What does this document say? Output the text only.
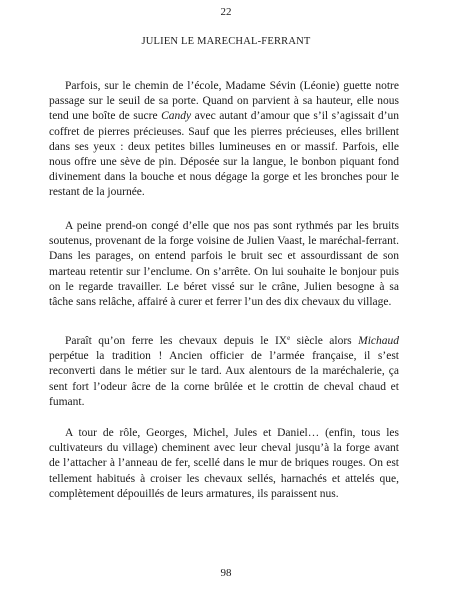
22
JULIEN LE MARECHAL-FERRANT

Parfois, sur le chemin de l’école, Madame Sévin (Léonie) guette notre passage sur le seuil de sa porte. Quand on parvient à sa hauteur, elle nous tend une boîte de sucre Candy avec autant d’amour que s’il s’agissait d’un coffret de pierres précieuses. Sauf que les pierres précieuses, elles brillent dans ses yeux : deux petites billes lumineuses en or massif. Parfois, elle nous offre une sève de pin. Déposée sur la langue, le bonbon piquant fond divinement dans la bouche et nous dégage la gorge et les bronches pour le restant de la journée.

A peine prend-on congé d’elle que nos pas sont rythmés par les bruits soutenus, provenant de la forge voisine de Julien Vaast, le maréchal-ferrant. Dans les parages, on entend parfois le bruit sec et assourdissant de son marteau retentir sur l’enclume. On s’arrête. On lui souhaite le bonjour puis on le regarde travailler. Le béret vissé sur le crâne, Julien besogne à sa tâche sans relâche, affairé à curer et ferrer l’un des dix chevaux du village.

Paraît qu’on ferre les chevaux depuis le IXe siècle alors Michaud perpétue la tradition ! Ancien officier de l’armée française, il s’est reconverti dans le métier sur le tard. Aux alentours de la maréchalerie, ça sent fort l’odeur âcre de la corne brûlée et le crottin de cheval chaud et fumant.

A tour de rôle, Georges, Michel, Jules et Daniel… (enfin, tous les cultivateurs du village) cheminent avec leur cheval jusqu’à la forge avant de l’attacher à l’anneau de fer, scellé dans le mur de briques rouges. On est tellement habitués à croiser les chevaux sellés, harnachés et attelés que, complètement dépouillés de leurs armatures, ils paraissent nus.

98
